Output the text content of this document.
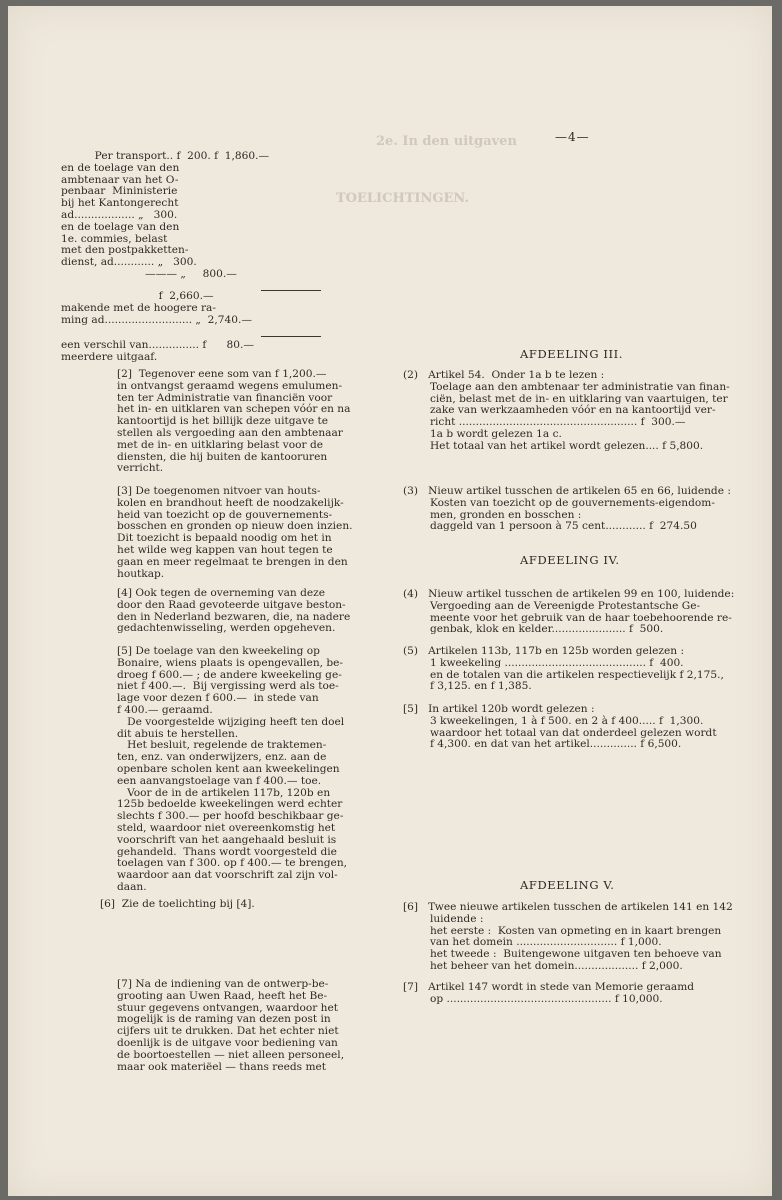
2e. In den uitgaven
TOELICHTINGEN.
—4—
Per transport.. f  200. f  1,860.—
en de toelage van den
ambtenaar van het O-
penbaar  Mininisterie
bij het Kantongerecht
ad.................. „   300.
en de toelage van den
1e. commies, belast
met den postpakketten-
dienst, ad............ „   300.
——— „     800.—
f  2,660.—
makende met de hoogere ra-
ming ad.......................... „  2,740.—
een verschil van............... f      80.—
meerdere uitgaaf.
[2]  Tegenover eene som van f 1,200.—
in ontvangst geraamd wegens emulumen-
ten ter Administratie van financiën voor
het in- en uitklaren van schepen vóór en na
kantoortijd is het billijk deze uitgave te
stellen als vergoeding aan den ambtenaar
met de in- en uitklaring belast voor de
diensten, die hij buiten de kantooruren
verricht.
[3] De toegenomen nitvoer van houts-
kolen en brandhout heeft de noodzakelijk-
heid van toezicht op de gouvernements-
bosschen en gronden op nieuw doen inzien.
Dit toezicht is bepaald noodig om het in
het wilde weg kappen van hout tegen te
gaan en meer regelmaat te brengen in den
houtkap.
[4] Ook tegen de overneming van deze
door den Raad gevoteerde uitgave beston-
den in Nederland bezwaren, die, na nadere
gedachtenwisseling, werden opgeheven.
[5] De toelage van den kweekeling op
Bonaire, wiens plaats is opengevallen, be-
droeg f 600.— ; de andere kweekeling ge-
niet f 400.—.  Bij vergissing werd als toe-
lage voor dezen f 600.—  in stede van
f 400.— geraamd.
De voorgestelde wijziging heeft ten doel
dit abuis te herstellen.
Het besluit, regelende de traktemen-
ten, enz. van onderwijzers, enz. aan de
openbare scholen kent aan kweekelingen
een aanvangstoelage van f 400.— toe.
Voor de in de artikelen 117b, 120b en
125b bedoelde kweekelingen werd echter
slechts f 300.— per hoofd beschikbaar ge-
steld, waardoor niet overeenkomstig het
voorschrift van het aangehaald besluit is
gehandeld.  Thans wordt voorgesteld die
toelagen van f 300. op f 400.— te brengen,
waardoor aan dat voorschrift zal zijn vol-
daan.
[6]  Zie de toelichting bij [4].
[7] Na de indiening van de ontwerp-be-
grooting aan Uwen Raad, heeft het Be-
stuur gegevens ontvangen, waardoor het
mogelijk is de raming van dezen post in
cijfers uit te drukken. Dat het echter niet
doenlijk is de uitgave voor bediening van
de boortoestellen — niet alleen personeel,
maar ook materiëel — thans reeds met
AFDEELING III.
(2)   Artikel 54.  Onder 1a b te lezen :
Toelage aan den ambtenaar ter administratie van finan-
ciën, belast met de in- en uitklaring van vaartuigen, ter
zake van werkzaamheden vóór en na kantoortijd ver-
richt ..................................................... f  300.—
1a b wordt gelezen 1a c.
Het totaal van het artikel wordt gelezen.... f 5,800.
(3)   Nieuw artikel tusschen de artikelen 65 en 66, luidende :
Kosten van toezicht op de gouvernements-eigendom-
men, gronden en bosschen :
daggeld van 1 persoon à 75 cent............ f  274.50
AFDEELING IV.
(4)   Nieuw artikel tusschen de artikelen 99 en 100, luidende:
Vergoeding aan de Vereenigde Protestantsche Ge-
meente voor het gebruik van de haar toebehoorende re-
genbak, klok en kelder...................... f  500.
(5)   Artikelen 113b, 117b en 125b worden gelezen :
1 kweekeling .......................................... f  400.
en de totalen van die artikelen respectievelijk f 2,175.,
f 3,125. en f 1,385.
[5]   In artikel 120b wordt gelezen :
3 kweekelingen, 1 à f 500. en 2 à f 400..... f  1,300.
waardoor het totaal van dat onderdeel gelezen wordt
f 4,300. en dat van het artikel.............. f 6,500.
AFDEELING V.
[6]   Twee nieuwe artikelen tusschen de artikelen 141 en 142
luidende :
het eerste :  Kosten van opmeting en in kaart brengen
van het domein .............................. f 1,000.
het tweede :  Buitengewone uitgaven ten behoeve van
het beheer van het domein................... f 2,000.
[7]   Artikel 147 wordt in stede van Memorie geraamd
op ................................................. f 10,000.
